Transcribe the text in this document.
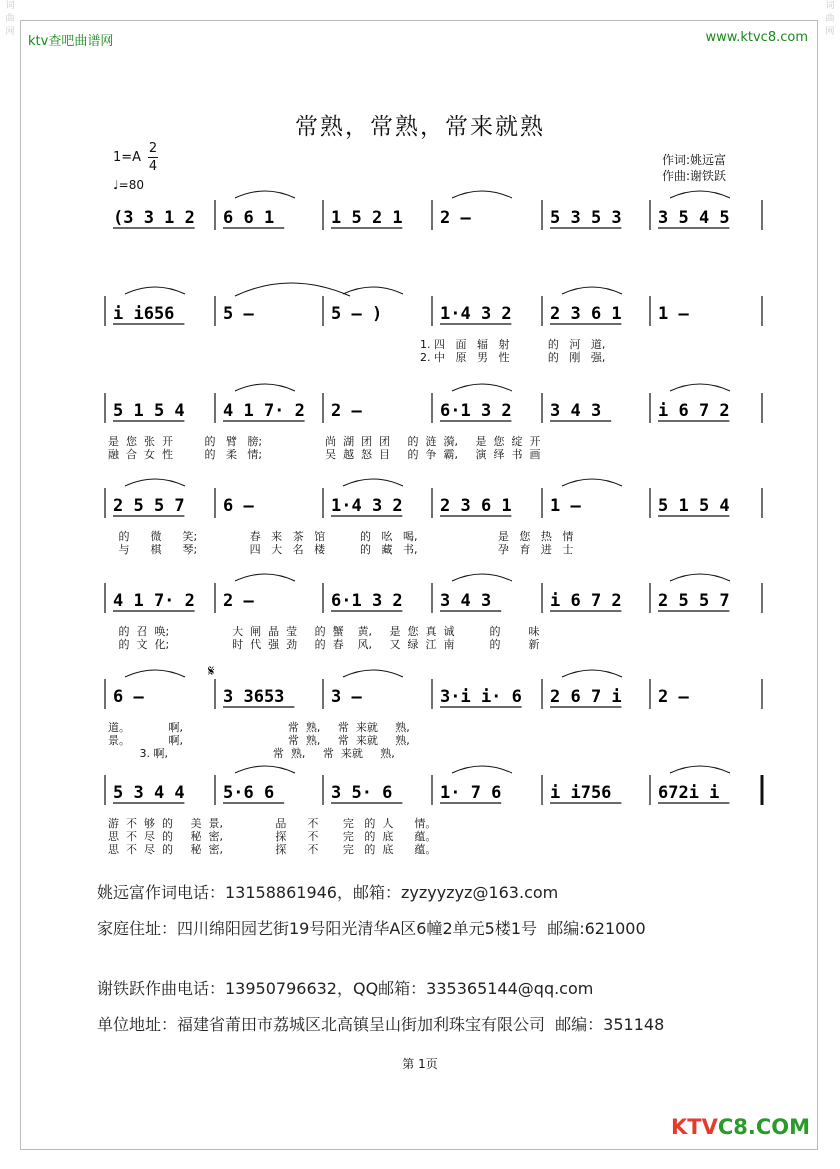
词
曲
网
词
曲
网
ktv查吧曲谱网	www.ktvc8.com
常熟，常熟，常来就熟
1=A
2
4
♩=80
作词:姚远富
作曲:谢铁跃
(3 3 1 2 6 6 1	1 5 2 1 2 –	5 3 5 3 3 5 4 5
i i656	5 –	5 – )	1·4 3 2 2 3 6 1 1 –
5 1 5 4 4 1 7· 2 2 –	6·1 3 2 3 4 3	i 6 7 2
2 5 5 7 6 –	1·4 3 2 2 3 6 1 1 –	5 1 5 4
4 1 7· 2 2 –	6·1 3 2 3 4 3	i 6 7 2 2 5 5 7
6 –	3 3653	3 –	3·i i· 6 2 6 7 i 2 –
5 3 4 4 5·6 6	3 5· 6	1· 7 6	i i756	672i i
𝄋
1. 四   面   辐   射           的   河   道,
2. 中   原   男   性           的   刚   强,
是  您  张  开         的   臂   膀;                  尚  湖  团  团     的  涟  漪,     是  您  绽  开
融  合  女  性         的   柔   情;                  吴  越  怒  目     的  争  霸,     演  绎  书  画
的      微      笑;               春   来   茶   馆          的   吆   喝,                       是   您   热   情
与      棋      琴;               四   大   名   楼          的   藏   书,                       孕   育   进   士
的  召  唤;                  大  闸  晶  莹     的  蟹    黄,     是  您  真  诚          的        味
的  文  化;                  时  代  强  劲     的  春    风,     又  绿  江  南          的        新
道。           啊,                              常  熟,     常  来就     熟,
景。           啊,                              常  熟,     常  来就     熟,
3. 啊,                              常  熟,     常  来就     熟,
游  不  够  的     美  景,               品      不       完   的  人      情。
思  不  尽  的     秘  密,               探      不       完   的  底      蕴。
思  不  尽  的     秘  密,               探      不       完   的  底      蕴。
姚远富作词电话：13158861946，邮箱：zyzyyzyz@163.com
家庭住址：四川绵阳园艺街19号阳光清华A区6幢2单元5楼1号  邮编:621000
谢铁跃作曲电话：13950796632，QQ邮箱：335365144@qq.com
单位地址：福建省莆田市荔城区北高镇呈山街加利珠宝有限公司  邮编：351148
第 1页
KTVC8.COM
